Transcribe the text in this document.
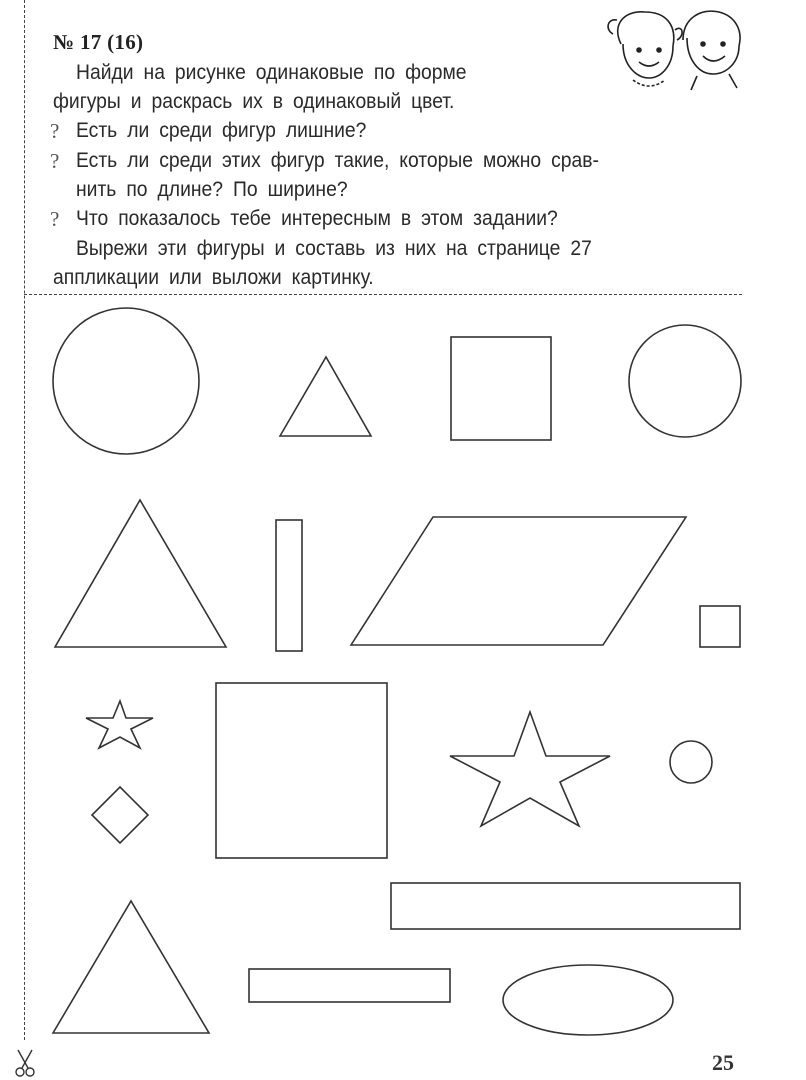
№ 17 (16)
Найди на рисунке одинаковые по форме
фигуры и раскрась их в одинаковый цвет.
? Есть ли среди фигур лишние?
? Есть ли среди этих фигур такие, которые можно срав-
нить по длине? По ширине?
? Что показалось тебе интересным в этом задании?
Вырежи эти фигуры и составь из них на странице 27
аппликации или выложи картинку.
25
